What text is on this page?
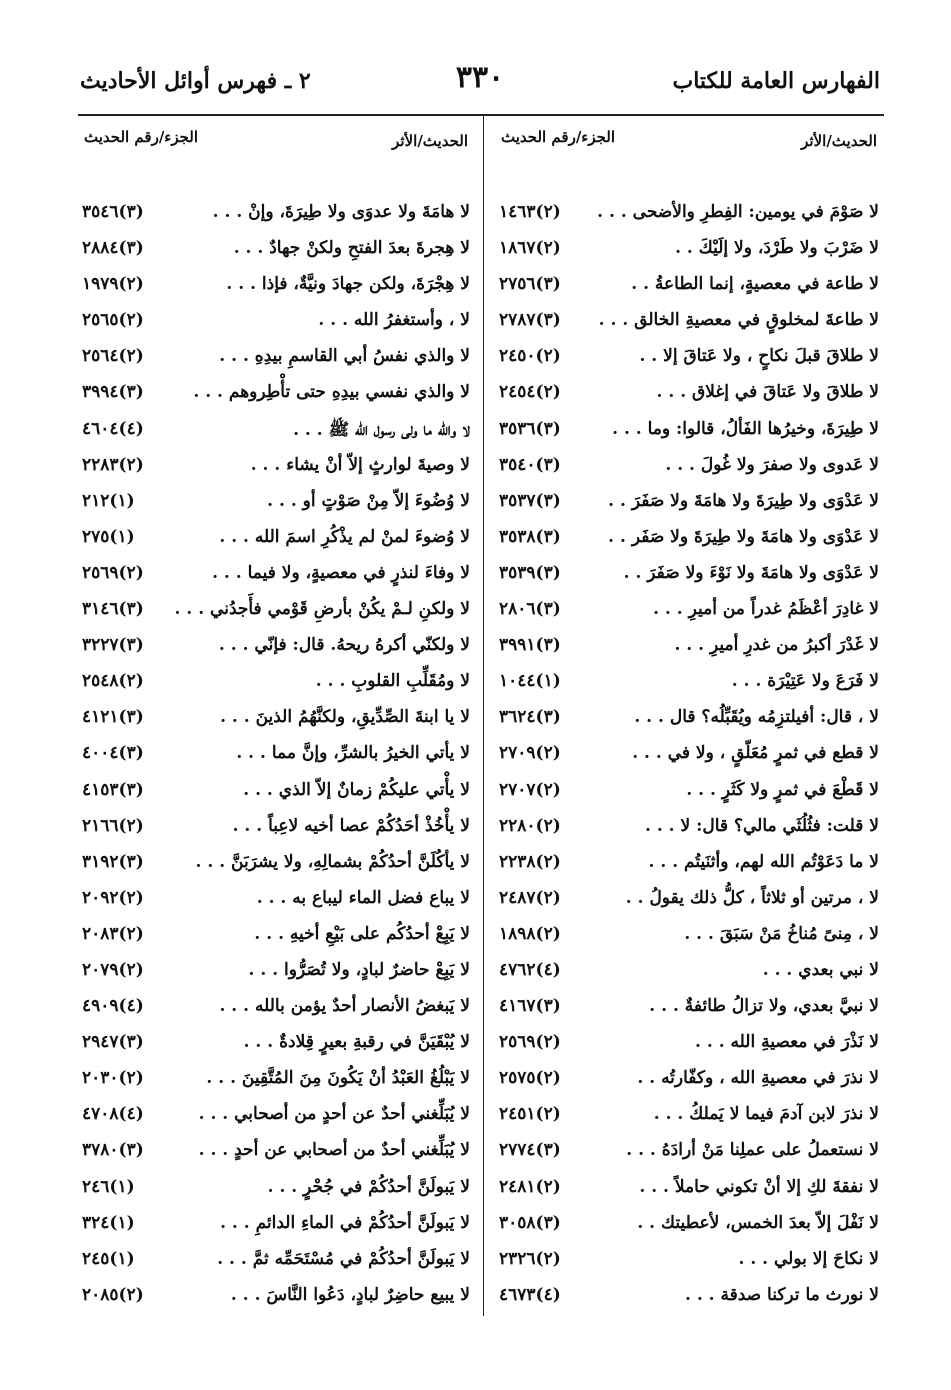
الفهارس العامة للكتاب
٣٣٠
٢ ـ فهرس أوائل الأحاديث
الحديث/الأثر
الجزء/رقم الحديث
لا صَوْمَ في يومين: الفِطرِ والأضحى . . .
(٢)١٤٦٣
لا ضَرْبَ ولا طَرْدَ، ولا إلَيْكَ . .
(٢)١٨٦٧
لا طاعة في معصيةٍ، إنما الطاعةُ . .
(٣)٢٧٥٦
لا طاعةَ لمخلوقٍ في معصيةِ الخالق . . .
(٣)٢٧٨٧
لا طلاقَ قبلَ نكاحٍ ، ولا عَتاقَ إلا . .
(٢)٢٤٥٠
لا طلاقَ ولا عَتاقَ في إغلاق . . .
(٢)٢٤٥٤
لا طِيرَةَ، وخيرُها الفَألُ، قالوا: وما . . .
(٣)٣٥٣٦
لا عَدوى ولا صفرَ ولا غُولَ . . .
(٣)٣٥٤٠
لا عَدْوَى ولا طِيرَةَ ولا هامَةَ ولا صَفَرَ . .
(٣)٣٥٣٧
لا عَدْوَى ولا هامَةَ ولا طِيرَةَ ولا صَفَر . .
(٣)٣٥٣٨
لا عَدْوَى ولا هامَةَ ولا نَوْءَ ولا صَفَرَ . .
(٣)٣٥٣٩
لا غادِرَ أعْظَمُ غدراً من أميرِ . . .
(٣)٢٨٠٦
لا غَدْرَ أكبرُ من غدرِ أميرِ . . .
(٣)٣٩٩١
لا فَرَعَ ولا عَتِيْرَة . . .
(١)١٠٤٤
لا ، قال: أفيلتزِمُه ويُقَبِّلُه؟ قال . . .
(٣)٣٦٢٤
لا قطع في ثمرٍ مُعَلّقٍ ، ولا في . . .
(٢)٢٧٠٩
لا قَطْعَ في ثمرٍ ولا كَثَرٍ . . .
(٢)٢٧٠٧
لا قلت: فثُلُثَي مالي؟ قال: لا . . .
(٢)٢٢٨٠
لا ما دَعَوْتُم الله لهم، وأثنَيتُم . . .
(٢)٢٢٣٨
لا ، مرتين أو ثلاثاً ، كلُّ ذلك يقولُ . .
(٢)٢٤٨٧
لا ، مِنىً مُناخُ مَنْ سَبَقَ . . .
(٢)١٨٩٨
لا نبي بعدي . . .
(٤)٤٧٦٢
لا نبيَّ بعدي، ولا تزالُ طائفةٌ . . .
(٣)٤١٦٧
لا نَذْرَ في معصيةِ الله . . .
(٢)٢٥٦٩
لا نذرَ في معصيةِ الله ، وكفّارتُه . .
(٢)٢٥٧٥
لا نذرَ لابن آدمَ فيما لا يَملكُ . . .
(٢)٢٤٥١
لا نستعملُ على عملِنا مَنْ أرادَهُ . . .
(٣)٢٧٧٤
لا نفقةَ لكِ إلا أنْ تكوني حاملاً . . .
(٢)٢٤٨١
لا نَفْلَ إلاّ بعدَ الخمس، لأعطيتك . .
(٣)٣٠٥٨
لا نكاحَ إلا بولي . . .
(٢)٢٣٢٦
لا نورث ما تركنا صدقة . . .
(٤)٤٦٧٣
الحديث/الأثر
الجزء/رقم الحديث
لا هامَةَ ولا عدوَى ولا طِيرَةَ، وإنْ . . .
(٣)٣٥٤٦
لا هِجرةَ بعدَ الفتحِ ولكنْ جهادٌ . . .
(٣)٢٨٨٤
لا هِجْرَةَ، ولكن جهادَ ونيَّةٌ، فإذا . . .
(٢)١٩٧٩
لا ، وأستغفرُ الله . . .
(٢)٢٥٦٥
لا والذي نفسُ أبي القاسمِ بيدِهِ . . .
(٢)٢٥٦٤
لا والذي نفسي بيدِهِ حتى تأْطِروهم . . .
(٣)٣٩٩٤
لا والله ما ولى رسول الله ﷺ . . .
(٤)٤٦٠٤
لا وصيةَ لوارثٍ إلاّ أنْ يشاء . . .
(٢)٢٢٨٣
لا وُضُوءَ إلاّ مِنْ صَوْتٍ أو . . .
(١)٢١٢
لا وُضوءَ لمنْ لم يذْكُرِ اسمَ الله . . .
(١)٢٧٥
لا وفاءَ لنذرٍ في معصيةٍ، ولا فيما . . .
(٢)٢٥٦٩
لا ولكنِ لـمْ يكُنْ بأرضِ قَوْمي فأَجدُني . . .
(٣)٣١٤٦
لا ولكنّي أكرهُ ريحهُ. قال: فإنّي . . .
(٣)٣٢٢٧
لا ومُقَلِّبِ القلوبِ . . .
(٢)٢٥٤٨
لا يا ابنةَ الصِّدِّيقِ، ولكنَّهُمُ الذينَ . . .
(٣)٤١٢١
لا يأتي الخيرُ بالشرِّ، وإنَّ مما . . .
(٣)٤٠٠٤
لا يأْتي عليكُمْ زمانٌ إلاّ الذي . . .
(٣)٤١٥٣
لا يأْخُذْ أحَدُكُمْ عصا أخيه لاعِباً . . .
(٢)٢١٦٦
لا يأكُلَنَّ أحدُكُمْ بشمالِهِ، ولا يشرَبَنَّ . . .
(٣)٣١٩٢
لا يباع فضل الماء ليباع به . . .
(٢)٢٠٩٢
لا يَبِعْ أحدُكُم على بَيْعِ أخيهِ . . .
(٢)٢٠٨٣
لا يَبِعْ حاضرٌ لبادٍ، ولا تُصَرُّوا . . .
(٢)٢٠٧٩
لا يَبغضُ الأنصار أحدٌ يؤمن بالله . . .
(٤)٤٩٠٩
لا يُبْقَيَنَّ في رقبةِ بعيرٍ قِلادةٌ . . .
(٣)٢٩٤٧
لا يَبْلُغُ العَبْدُ أنْ يَكُونَ مِنَ المُتَّقِينَ . . .
(٢)٢٠٣٠
لا يُبَلِّغني أحدٌ عن أحدٍ من أصحابي . . .
(٤)٤٧٠٨
لا يُبَلِّغني أحدٌ من أصحابي عن أحدٍ . . .
(٣)٣٧٨٠
لا يَبولَنَّ أحدُكُمْ في جُحْرٍ . . .
(١)٢٤٦
لا يَبولَنَّ أحدُكُمْ في الماءِ الدائمِ . . .
(١)٣٢٤
لا يَبولَنَّ أحدُكُمْ في مُسْتَحَمِّه ثمَّ . . .
(١)٢٤٥
لا يبيع حاضِرٌ لبادٍ، دَعُوا النَّاسَ . . .
(٢)٢٠٨٥
